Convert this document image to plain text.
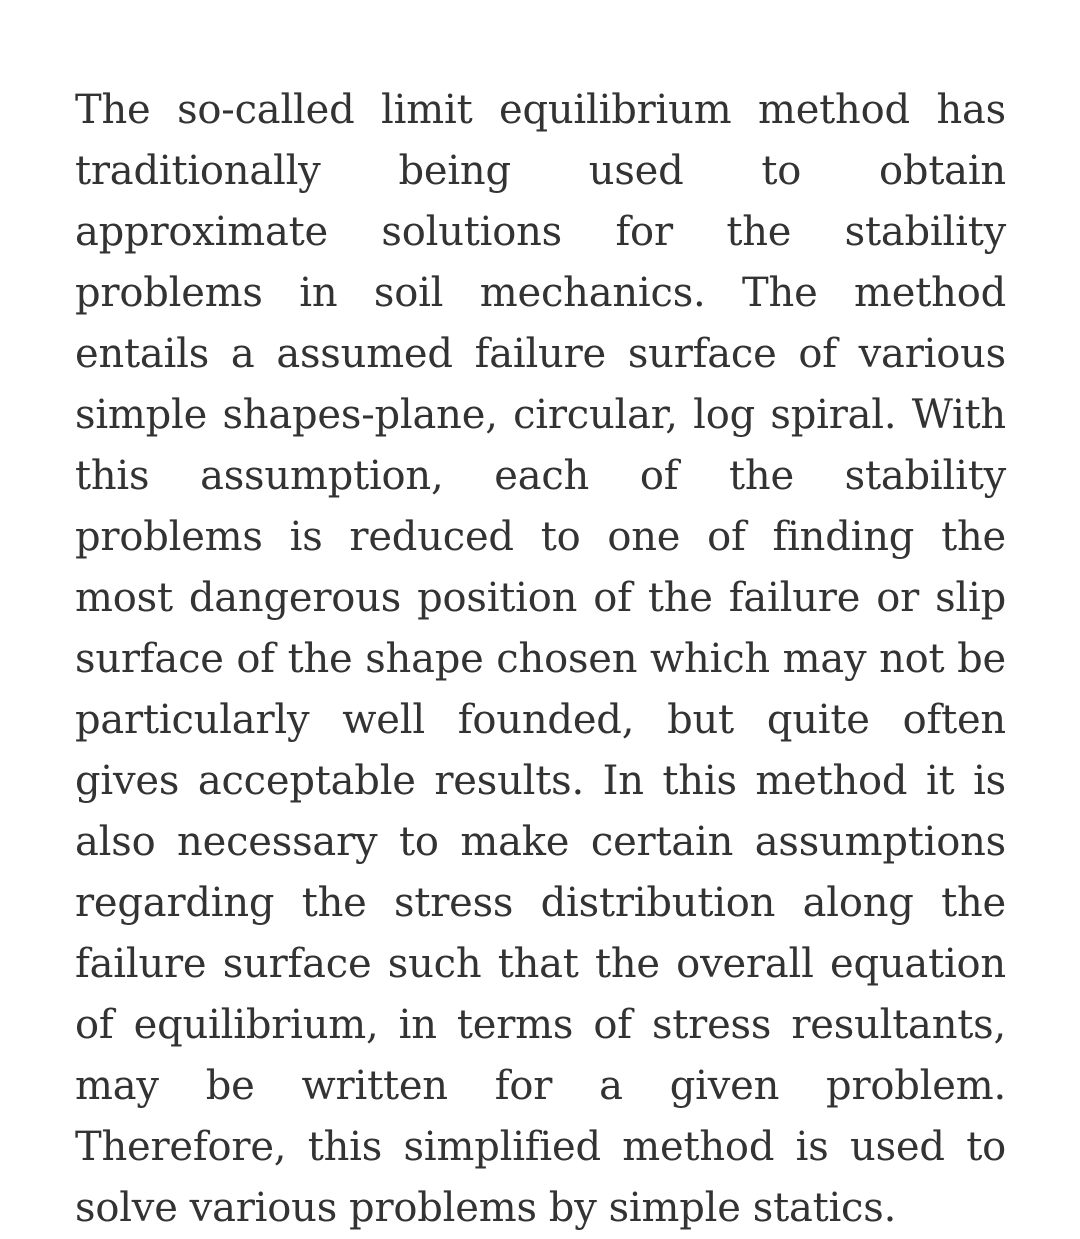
The so-called limit equilibrium method has traditionally being used to obtain approximate solutions for the stability problems in soil mechanics. The method entails a assumed failure surface of various simple shapes-plane, circular, log spiral. With this assumption, each of the stability problems is reduced to one of finding the most dangerous position of the failure or slip surface of the shape chosen which may not be particularly well founded, but quite often gives acceptable results. In this method it is also necessary to make certain assumptions regarding the stress distribution along the failure surface such that the overall equation of equilibrium, in terms of stress resultants, may be written for a given problem. Therefore, this simplified method is used to solve various problems by simple statics.
